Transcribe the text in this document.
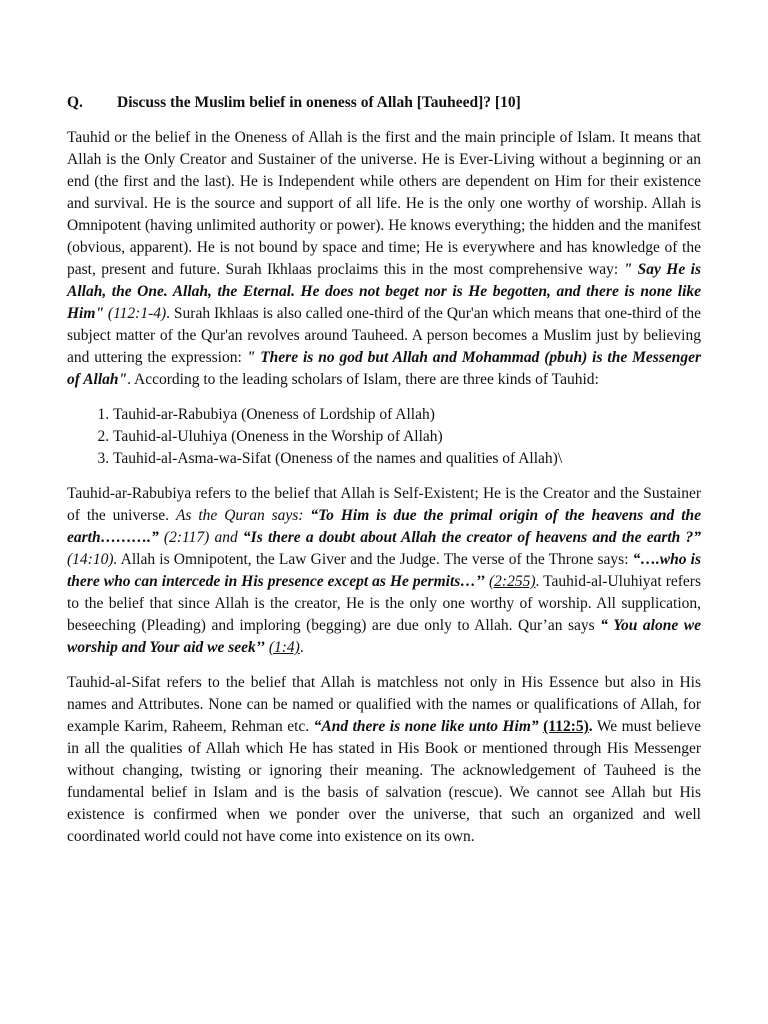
Q. Discuss the Muslim belief in oneness of Allah [Tauheed]? [10]

Tauhid or the belief in the Oneness of Allah is the first and the main principle of Islam. It means that Allah is the Only Creator and Sustainer of the universe. He is Ever-Living without a beginning or an end (the first and the last). He is Independent while others are dependent on Him for their existence and survival. He is the source and support of all life. He is the only one worthy of worship. Allah is Omnipotent (having unlimited authority or power). He knows everything; the hidden and the manifest (obvious, apparent). He is not bound by space and time; He is everywhere and has knowledge of the past, present and future. Surah Ikhlaas proclaims this in the most comprehensive way: " Say He is Allah, the One. Allah, the Eternal. He does not beget nor is He begotten, and there is none like Him" (112:1-4). Surah Ikhlaas is also called one-third of the Qur'an which means that one-third of the subject matter of the Qur'an revolves around Tauheed. A person becomes a Muslim just by believing and uttering the expression: " There is no god but Allah and Mohammad (pbuh) is the Messenger of Allah". According to the leading scholars of Islam, there are three kinds of Tauhid:

1. Tauhid-ar-Rabubiya (Oneness of Lordship of Allah)
2. Tauhid-al-Uluhiya (Oneness in the Worship of Allah)
3. Tauhid-al-Asma-wa-Sifat (Oneness of the names and qualities of Allah)\

Tauhid-ar-Rabubiya refers to the belief that Allah is Self-Existent; He is the Creator and the Sustainer of the universe. As the Quran says: “To Him is due the primal origin of the heavens and the earth……….” (2:117) and “Is there a doubt about Allah the creator of heavens and the earth ?” (14:10). Allah is Omnipotent, the Law Giver and the Judge. The verse of the Throne says: “….who is there who can intercede in His presence except as He permits…’’ (2:255). Tauhid-al-Uluhiyat refers to the belief that since Allah is the creator, He is the only one worthy of worship. All supplication, beseeching (Pleading) and imploring (begging) are due only to Allah. Qur’an says “ You alone we worship and Your aid we seek’’ (1:4).

Tauhid-al-Sifat refers to the belief that Allah is matchless not only in His Essence but also in His names and Attributes. None can be named or qualified with the names or qualifications of Allah, for example Karim, Raheem, Rehman etc. “And there is none like unto Him” (112:5). We must believe in all the qualities of Allah which He has stated in His Book or mentioned through His Messenger without changing, twisting or ignoring their meaning. The acknowledgement of Tauheed is the fundamental belief in Islam and is the basis of salvation (rescue). We cannot see Allah but His existence is confirmed when we ponder over the universe, that such an organized and well coordinated world could not have come into existence on its own.
